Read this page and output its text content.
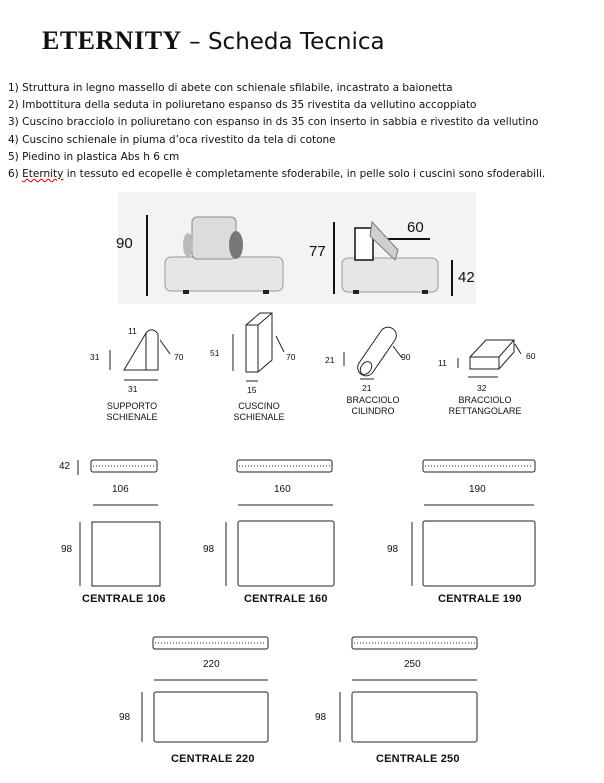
ETERNITY – Scheda Tecnica
1) Struttura in legno massello di abete con schienale sfilabile, incastrato a baionetta
2) Imbottitura della seduta in poliuretano espanso ds 35 rivestita da vellutino accoppiato
3) Cuscino bracciolo in poliuretano con espanso in ds 35 con inserto in sabbia e rivestito da vellutino
4) Cuscino schienale in piuma d’oca rivestito da tela di cotone
5) Piedino in plastica Abs h 6 cm
6) Eternity in tessuto ed ecopelle è completamente sfoderabile, in pelle solo i cuscini sono sfoderabili.
90	77
60
42
11
31	70
31
SUPPORTO
SCHIENALE
51	70
15
CUSCINO
SCHIENALE
21	90
21
BRACCIOLO
CILINDRO
11
60
32
BRACCIOLO
RETTANGOLARE
42
106
98
CENTRALE 106
160
98
CENTRALE 160
190
98
CENTRALE 190
220
98
CENTRALE 220
250
98
CENTRALE 250
